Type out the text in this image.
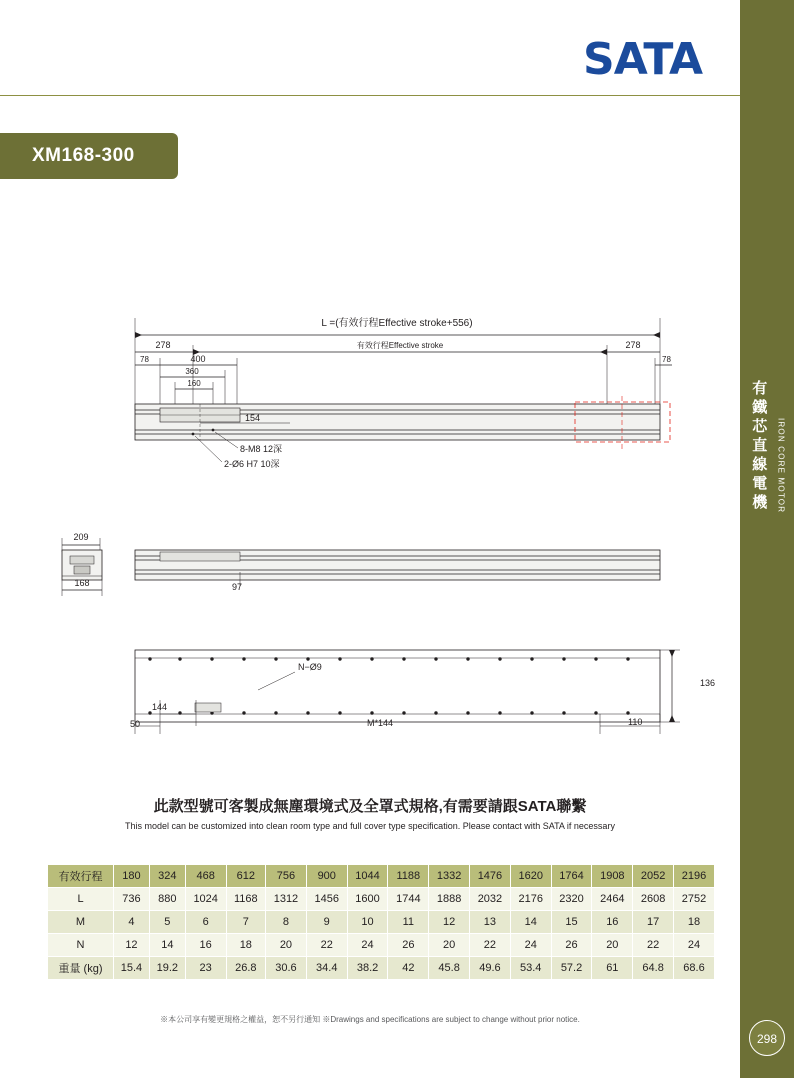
有鐵芯直線電機 IRON CORE MOTOR
298
SATA
XM168-300
L =(有效行程Effective stroke+556)
有效行程Effective stroke
278	278
78	78
400
360
160
154
8-M8 12深
2-Ø6 H7 10深
209
168	97
136
144
50
N−Ø9
M*144	110
此款型號可客製成無塵環境式及全罩式規格,有需要請跟SATA聯繫
This model can be customized into clean room type and full cover type specification. Please contact with SATA if necessary
有效行程	180	324	468	612	756	900	1044	1188	1332	1476	1620	1764	1908	2052	2196
L	736	880	1024	1168	1312	1456	1600	1744	1888	2032	2176	2320	2464	2608	2752
M	4	5	6	7	8	9	10	11	12	13	14	15	16	17	18
N	12	14	16	18	20	22	24	26	20	22	24	26	20	22	24
重量 (kg)	15.4	19.2	23	26.8	30.6	34.4	38.2	42	45.8	49.6	53.4	57.2	61	64.8	68.6
※本公司享有變更規格之權益，恕不另行通知 ※Drawings and specifications are subject to change without prior notice.
